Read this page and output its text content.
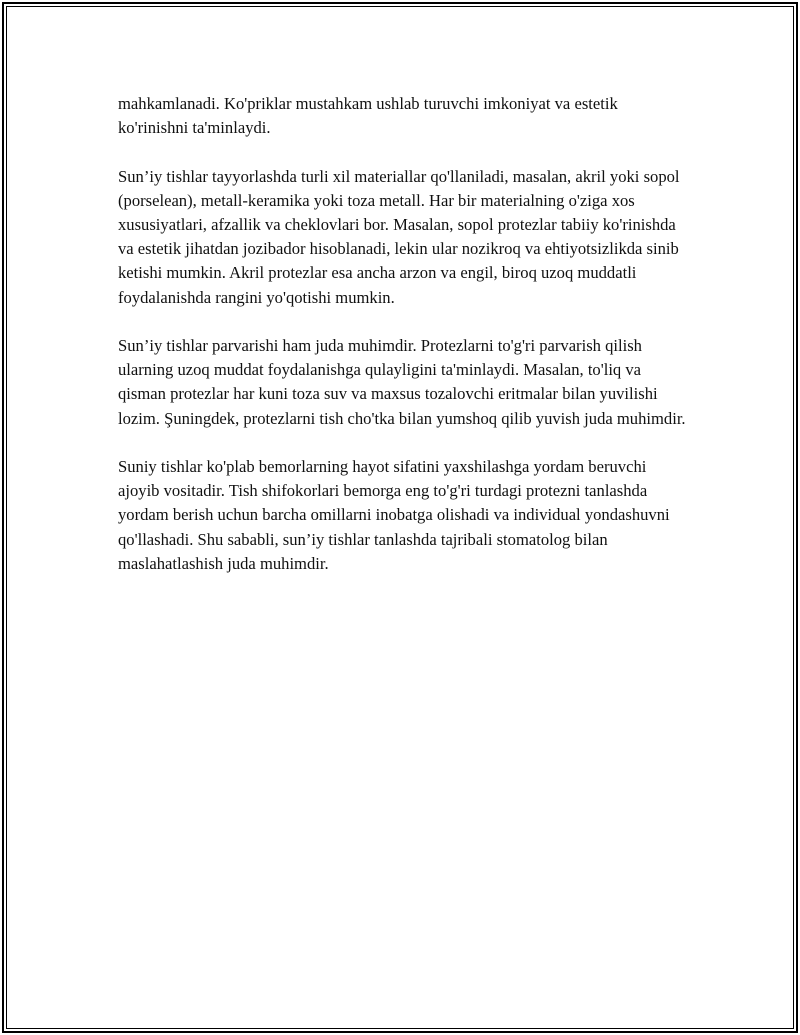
mahkamlanadi. Ko'priklar mustahkam ushlab turuvchi imkoniyat va estetik ko'rinishni ta'minlaydi.

Sun’iy tishlar tayyorlashda turli xil materiallar qo'llaniladi, masalan, akril yoki sopol (porselean), metall-keramika yoki toza metall. Har bir materialning o'ziga xos xususiyatlari, afzallik va cheklovlari bor. Masalan, sopol protezlar tabiiy ko'rinishda va estetik jihatdan jozibador hisoblanadi, lekin ular nozikroq va ehtiyotsizlikda sinib ketishi mumkin. Akril protezlar esa ancha arzon va engil, biroq uzoq muddatli foydalanishda rangini yo'qotishi mumkin.

Sun’iy tishlar parvarishi ham juda muhimdir. Protezlarni to'g'ri parvarish qilish ularning uzoq muddat foydalanishga qulayligini ta'minlaydi. Masalan, to'liq va qisman protezlar har kuni toza suv va maxsus tozalovchi eritmalar bilan yuvilishi lozim. Şuningdek, protezlarni tish cho'tka bilan yumshoq qilib yuvish juda muhimdir.

Suniy tishlar ko'plab bemorlarning hayot sifatini yaxshilashga yordam beruvchi ajoyib vositadir. Tish shifokorlari bemorga eng to'g'ri turdagi protezni tanlashda yordam berish uchun barcha omillarni inobatga olishadi va individual yondashuvni qo'llashadi. Shu sababli, sun’iy tishlar tanlashda tajribali stomatolog bilan maslahatlashish juda muhimdir.
